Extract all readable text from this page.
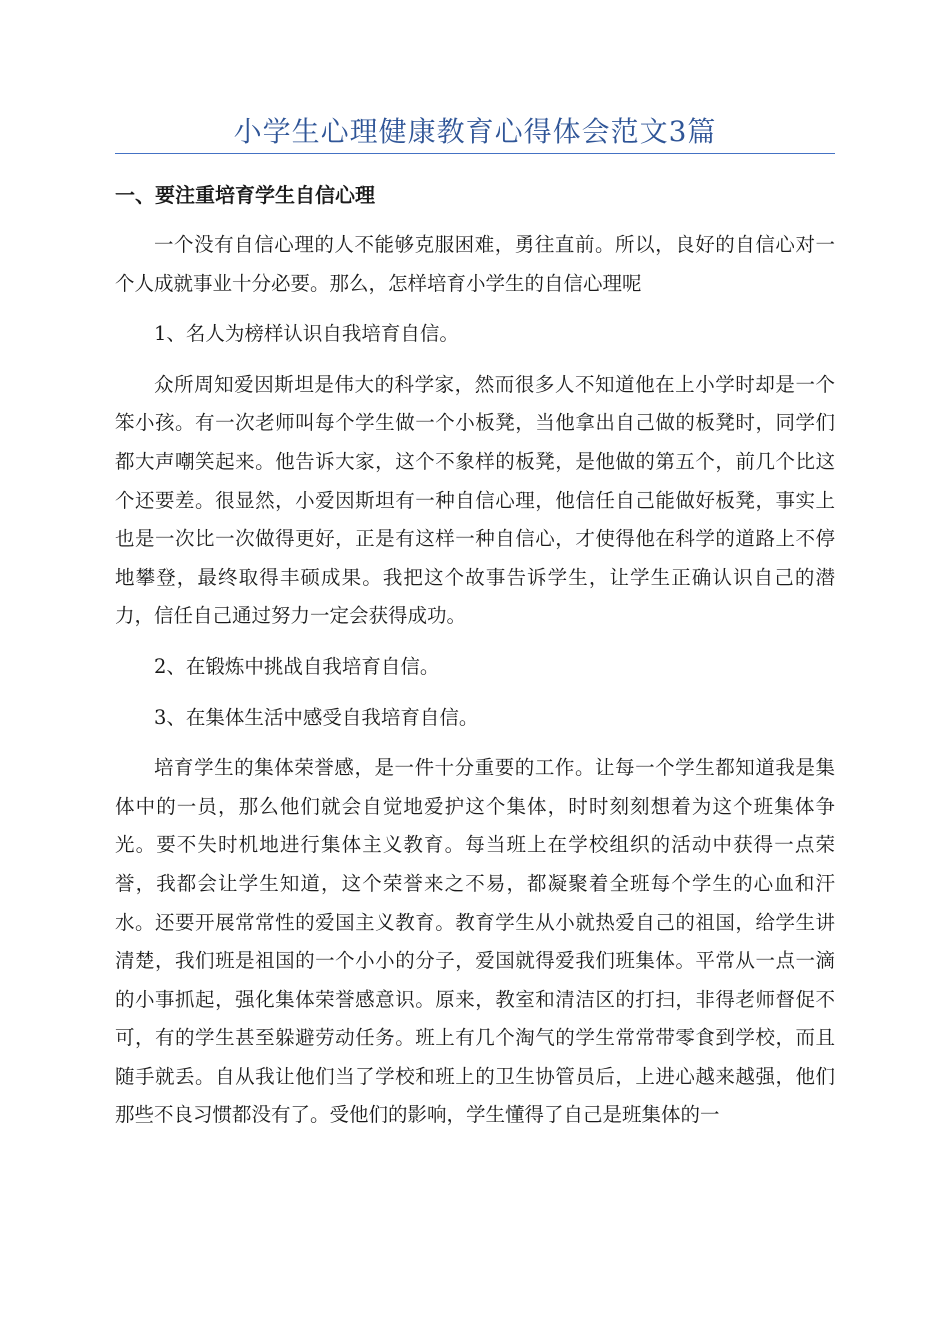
小学生心理健康教育心得体会范文3篇
一、要注重培育学生自信心理
一个没有自信心理的人不能够克服困难，勇往直前。所以，良好的自信心对一个人成就事业十分必要。那么，怎样培育小学生的自信心理呢
1、名人为榜样认识自我培育自信。
众所周知爱因斯坦是伟大的科学家，然而很多人不知道他在上小学时却是一个笨小孩。有一次老师叫每个学生做一个小板凳，当他拿出自己做的板凳时，同学们都大声嘲笑起来。他告诉大家，这个不象样的板凳，是他做的第五个，前几个比这个还要差。很显然，小爱因斯坦有一种自信心理，他信任自己能做好板凳，事实上也是一次比一次做得更好，正是有这样一种自信心，才使得他在科学的道路上不停地攀登，最终取得丰硕成果。我把这个故事告诉学生，让学生正确认识自己的潜力，信任自己通过努力一定会获得成功。
2、在锻炼中挑战自我培育自信。
3、在集体生活中感受自我培育自信。
培育学生的集体荣誉感，是一件十分重要的工作。让每一个学生都知道我是集体中的一员，那么他们就会自觉地爱护这个集体，时时刻刻想着为这个班集体争光。要不失时机地进行集体主义教育。每当班上在学校组织的活动中获得一点荣誉，我都会让学生知道，这个荣誉来之不易，都凝聚着全班每个学生的心血和汗水。还要开展常常性的爱国主义教育。教育学生从小就热爱自己的祖国，给学生讲清楚，我们班是祖国的一个小小的分子，爱国就得爱我们班集体。平常从一点一滴的小事抓起，强化集体荣誉感意识。原来，教室和清洁区的打扫，非得老师督促不可，有的学生甚至躲避劳动任务。班上有几个淘气的学生常常带零食到学校，而且随手就丢。自从我让他们当了学校和班上的卫生协管员后，上进心越来越强，他们那些不良习惯都没有了。受他们的影响，学生懂得了自己是班集体的一
